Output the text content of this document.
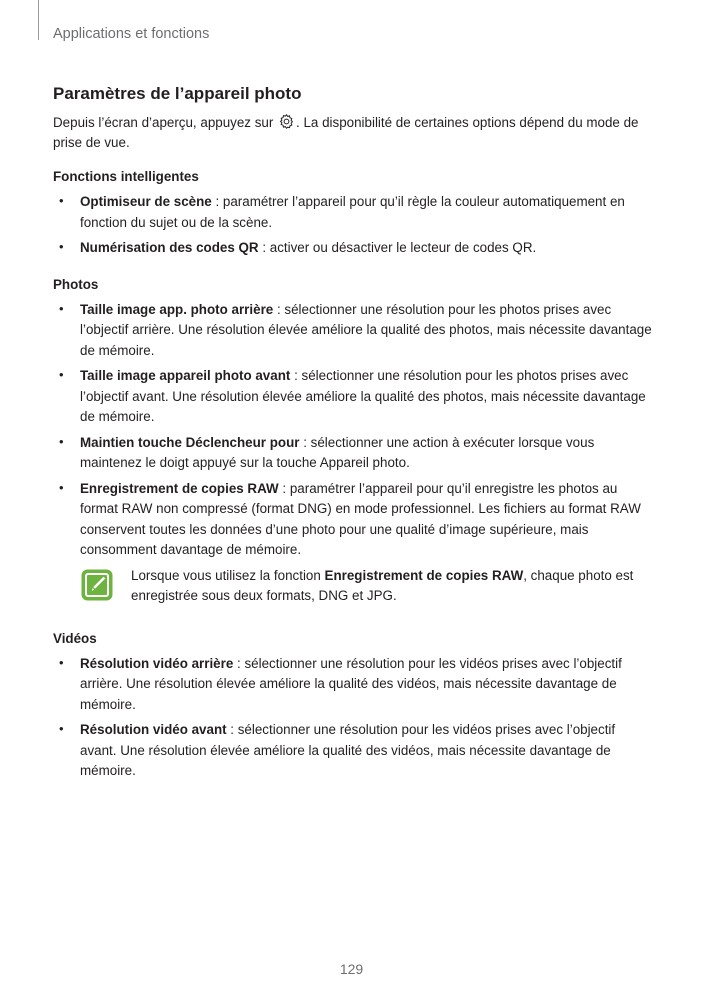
Applications et fonctions
Paramètres de l’appareil photo

Depuis l’écran d’aperçu, appuyez sur . La disponibilité de certaines options dépend du mode de prise de vue.

Fonctions intelligentes
• Optimiseur de scène : paramétrer l’appareil pour qu’il règle la couleur automatiquement en fonction du sujet ou de la scène.
• Numérisation des codes QR : activer ou désactiver le lecteur de codes QR.
Photos
• Taille image app. photo arrière : sélectionner une résolution pour les photos prises avec l’objectif arrière. Une résolution élevée améliore la qualité des photos, mais nécessite davantage de mémoire.
• Taille image appareil photo avant : sélectionner une résolution pour les photos prises avec l’objectif avant. Une résolution élevée améliore la qualité des photos, mais nécessite davantage de mémoire.
• Maintien touche Déclencheur pour : sélectionner une action à exécuter lorsque vous maintenez le doigt appuyé sur la touche Appareil photo.
• Enregistrement de copies RAW : paramétrer l’appareil pour qu’il enregistre les photos au format RAW non compressé (format DNG) en mode professionnel. Les fichiers au format RAW conservent toutes les données d’une photo pour une qualité d’image supérieure, mais consomment davantage de mémoire.
Lorsque vous utilisez la fonction Enregistrement de copies RAW, chaque photo est enregistrée sous deux formats, DNG et JPG.
Vidéos
• Résolution vidéo arrière : sélectionner une résolution pour les vidéos prises avec l’objectif arrière. Une résolution élevée améliore la qualité des vidéos, mais nécessite davantage de mémoire.
• Résolution vidéo avant : sélectionner une résolution pour les vidéos prises avec l’objectif avant. Une résolution élevée améliore la qualité des vidéos, mais nécessite davantage de mémoire.
129
